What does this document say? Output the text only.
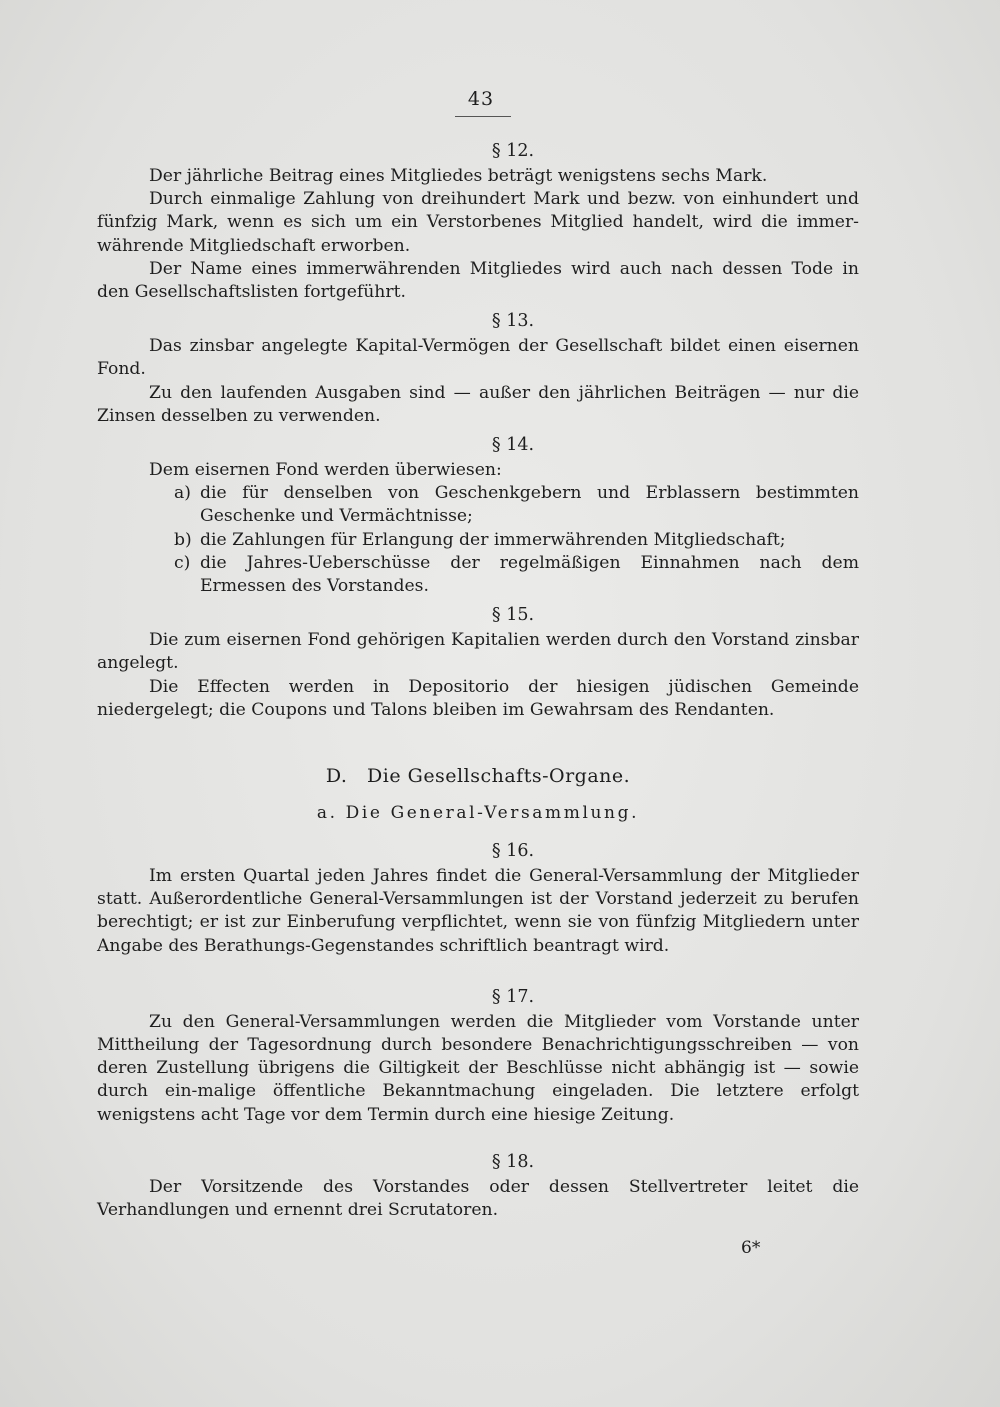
43

§ 12.

Der jährliche Beitrag eines Mitgliedes beträgt wenigstens sechs Mark.

Durch einmalige Zahlung von dreihundert Mark und bezw. von einhundert und fünfzig Mark, wenn es sich um ein Verstorbenes Mitglied handelt, wird die immer-währende Mitgliedschaft erworben.

Der Name eines immerwährenden Mitgliedes wird auch nach dessen Tode in den Gesellschaftslisten fortgeführt.

§ 13.

Das zinsbar angelegte Kapital-Vermögen der Gesellschaft bildet einen eisernen Fond.

Zu den laufenden Ausgaben sind — außer den jährlichen Beiträgen — nur die Zinsen desselben zu verwenden.

§ 14.

Dem eisernen Fond werden überwiesen:

a) die für denselben von Geschenkgebern und Erblassern bestimmten Geschenke und Vermächtnisse;
b) die Zahlungen für Erlangung der immerwährenden Mitgliedschaft;
c) die Jahres-Ueberschüsse der regelmäßigen Einnahmen nach dem Ermessen des Vorstandes.

§ 15.

Die zum eisernen Fond gehörigen Kapitalien werden durch den Vorstand zinsbar angelegt.

Die Effecten werden in Depositorio der hiesigen jüdischen Gemeinde niedergelegt; die Coupons und Talons bleiben im Gewahrsam des Rendanten.

D.   Die Gesellschafts-Organe.

a. Die General-Versammlung.

§ 16.

Im ersten Quartal jeden Jahres findet die General-Versammlung der Mitglieder statt. Außerordentliche General-Versammlungen ist der Vorstand jederzeit zu berufen berechtigt; er ist zur Einberufung verpflichtet, wenn sie von fünfzig Mitgliedern unter Angabe des Berathungs-Gegenstandes schriftlich beantragt wird.

§ 17.

Zu den General-Versammlungen werden die Mitglieder vom Vorstande unter Mittheilung der Tagesordnung durch besondere Benachrichtigungsschreiben — von deren Zustellung übrigens die Giltigkeit der Beschlüsse nicht abhängig ist — sowie durch ein-malige öffentliche Bekanntmachung eingeladen. Die letztere erfolgt wenigstens acht Tage vor dem Termin durch eine hiesige Zeitung.

§ 18.

Der Vorsitzende des Vorstandes oder dessen Stellvertreter leitet die Verhandlungen und ernennt drei Scrutatoren.

6*
